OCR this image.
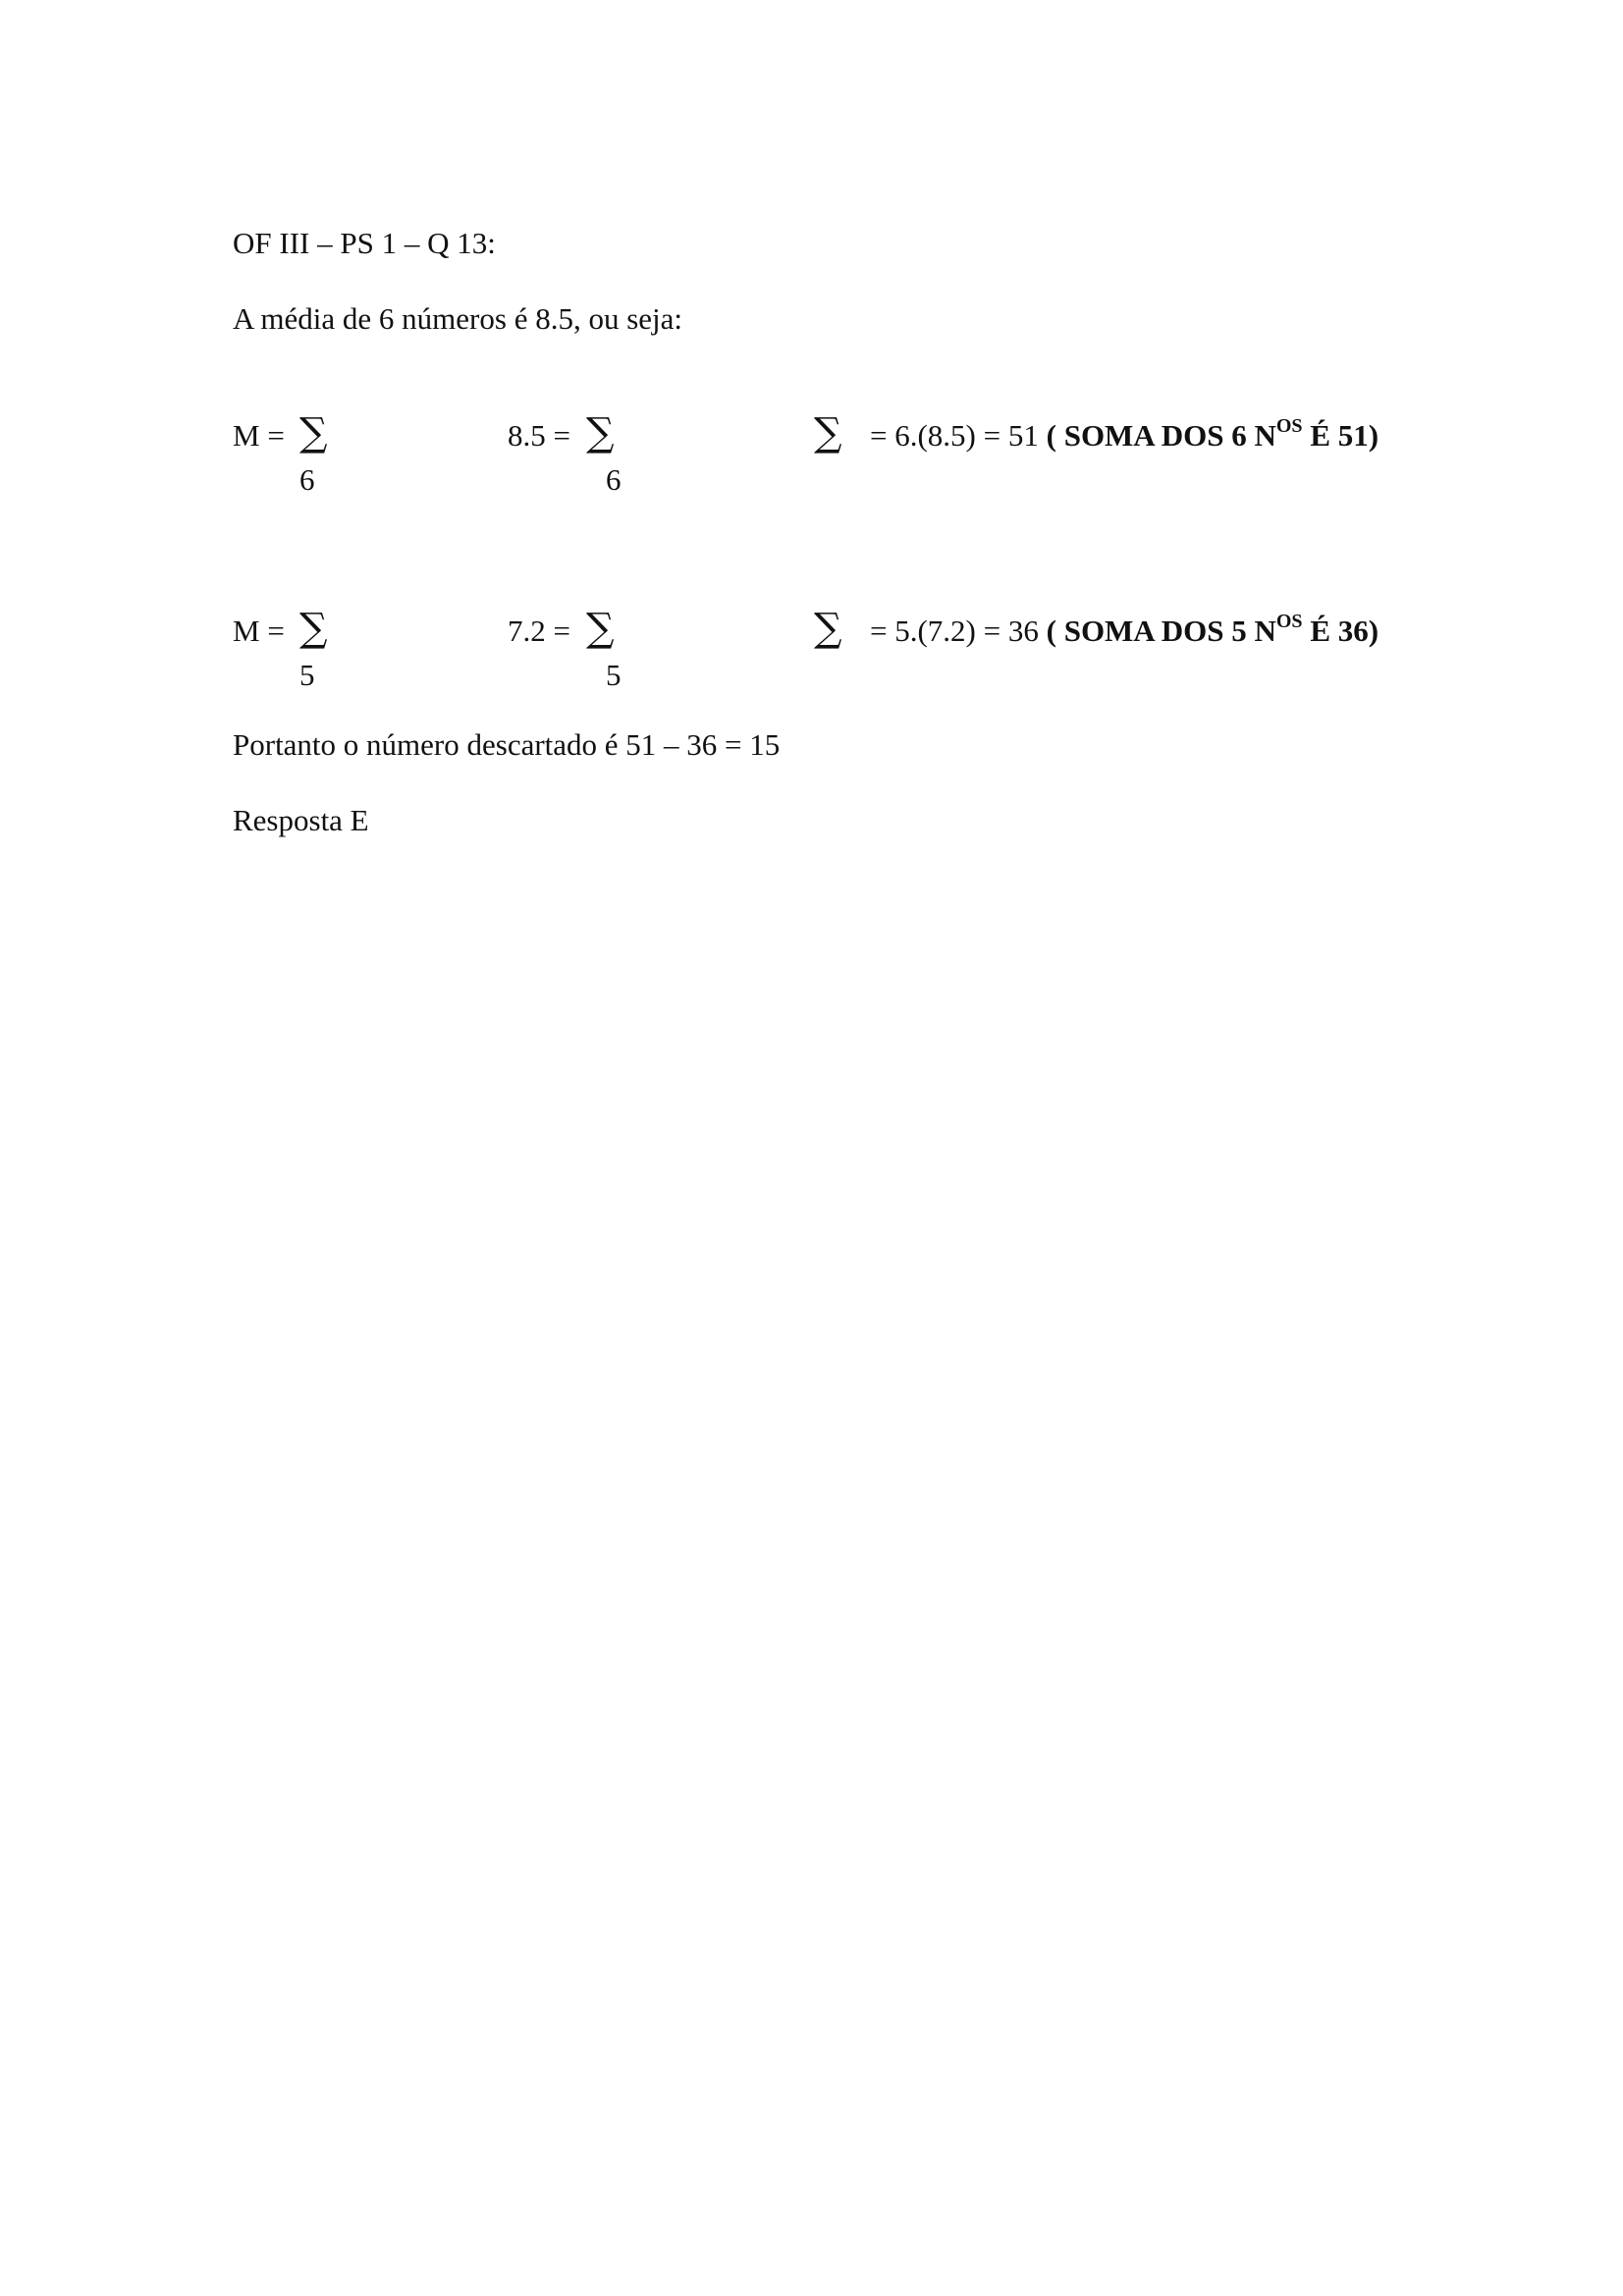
OF III – PS 1 – Q 13:
A média de 6 números é 8.5, ou seja:
M = ∑
6
8.5 = ∑
6
∑ = 6.(8.5) = 51 ( SOMA DOS 6 $N^{OS}$ É 51)
M = ∑
5
7.2 = ∑
5
∑ = 5.(7.2) = 36 ( SOMA DOS 5 $N^{OS}$ É 36)
Portanto o número descartado é 51 – 36 = 15
Resposta E
